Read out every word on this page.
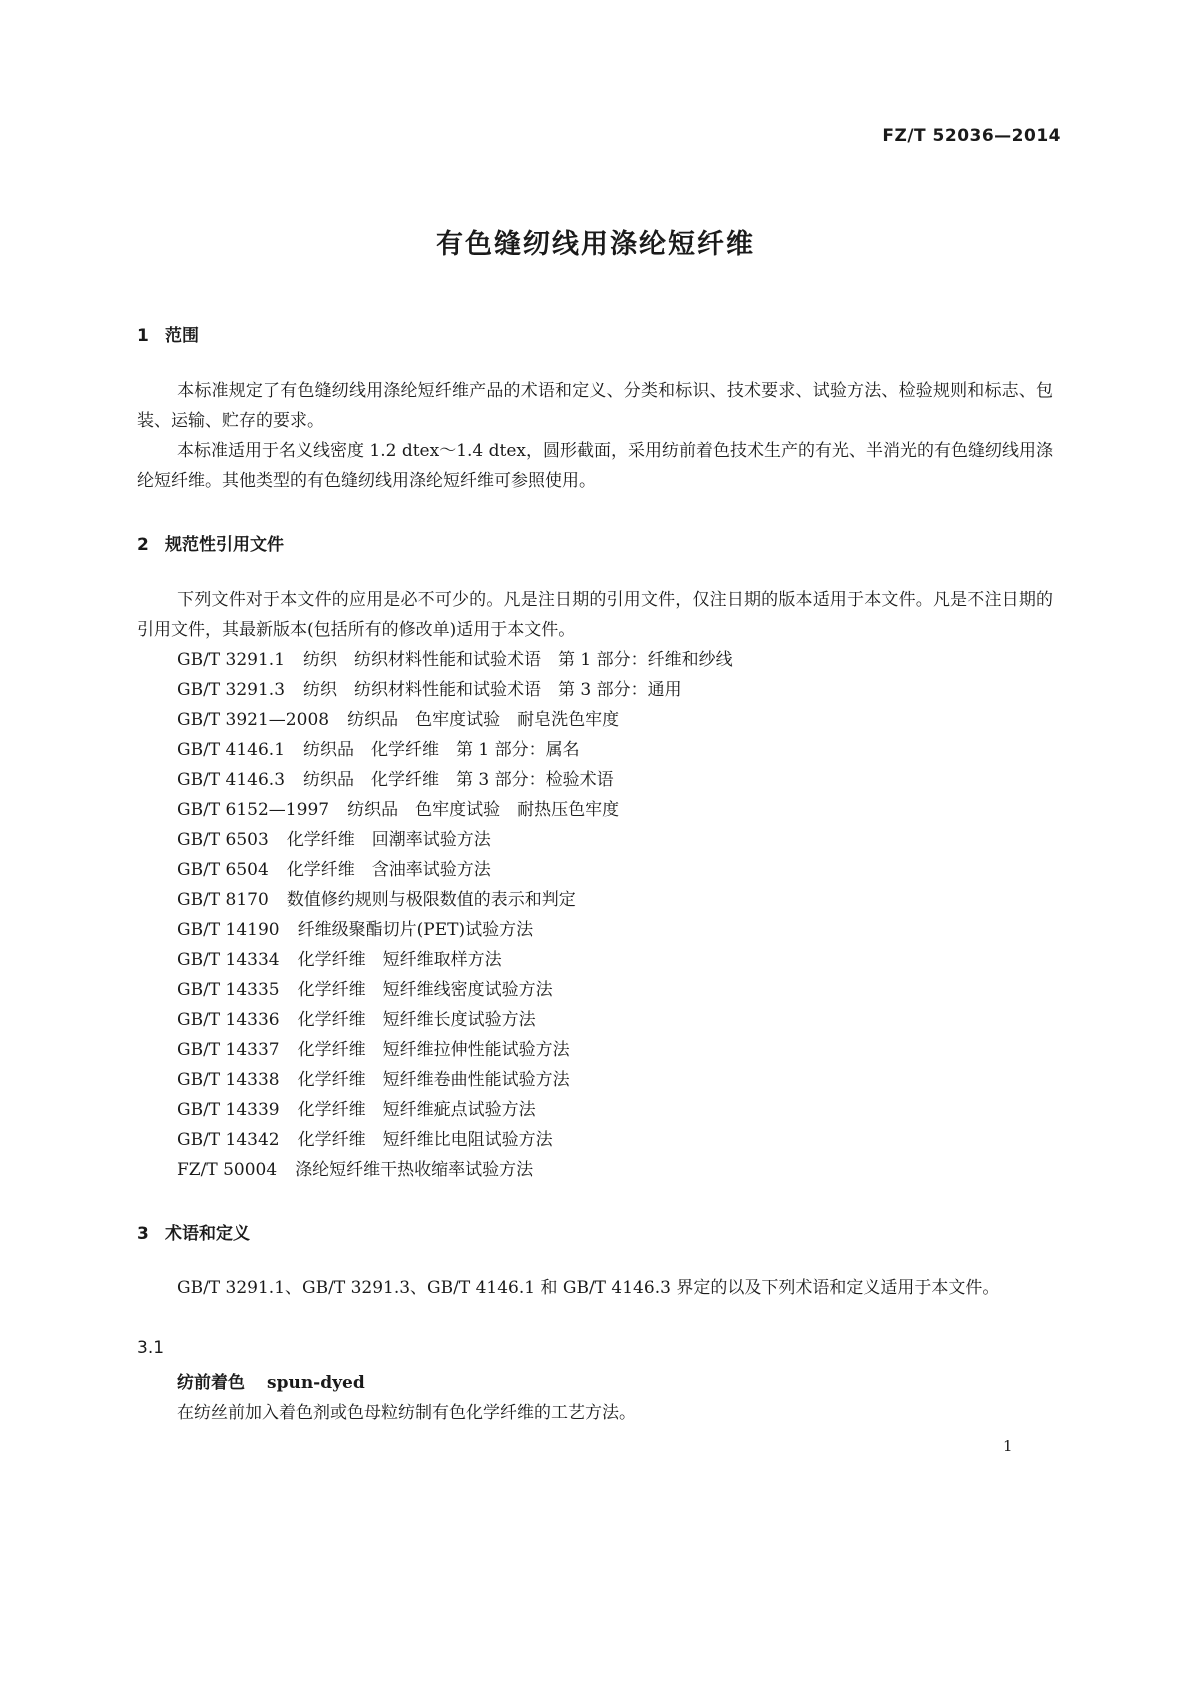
FZ/T 52036—2014
有色缝纫线用涤纶短纤维
1 范围

本标准规定了有色缝纫线用涤纶短纤维产品的术语和定义、分类和标识、技术要求、试验方法、检验规则和标志、包装、运输、贮存的要求。

本标准适用于名义线密度 1.2 dtex～1.4 dtex，圆形截面，采用纺前着色技术生产的有光、半消光的有色缝纫线用涤纶短纤维。其他类型的有色缝纫线用涤纶短纤维可参照使用。

2 规范性引用文件

下列文件对于本文件的应用是必不可少的。凡是注日期的引用文件，仅注日期的版本适用于本文件。凡是不注日期的引用文件，其最新版本(包括所有的修改单)适用于本文件。

GB/T 3291.1 纺织　纺织材料性能和试验术语　第 1 部分：纤维和纱线
GB/T 3291.3 纺织　纺织材料性能和试验术语　第 3 部分：通用
GB/T 3921—2008 纺织品　色牢度试验　耐皂洗色牢度
GB/T 4146.1 纺织品　化学纤维　第 1 部分：属名
GB/T 4146.3 纺织品　化学纤维　第 3 部分：检验术语
GB/T 6152—1997 纺织品　色牢度试验　耐热压色牢度
GB/T 6503 化学纤维　回潮率试验方法
GB/T 6504 化学纤维　含油率试验方法
GB/T 8170 数值修约规则与极限数值的表示和判定
GB/T 14190 纤维级聚酯切片(PET)试验方法
GB/T 14334 化学纤维　短纤维取样方法
GB/T 14335 化学纤维　短纤维线密度试验方法
GB/T 14336 化学纤维　短纤维长度试验方法
GB/T 14337 化学纤维　短纤维拉伸性能试验方法
GB/T 14338 化学纤维　短纤维卷曲性能试验方法
GB/T 14339 化学纤维　短纤维疵点试验方法
GB/T 14342 化学纤维　短纤维比电阻试验方法
FZ/T 50004 涤纶短纤维干热收缩率试验方法
3 术语和定义

GB/T 3291.1、GB/T 3291.3、GB/T 4146.1 和 GB/T 4146.3 界定的以及下列术语和定义适用于本文件。

3.1
纺前着色 spun-dyed
在纺丝前加入着色剂或色母粒纺制有色化学纤维的工艺方法。
1
